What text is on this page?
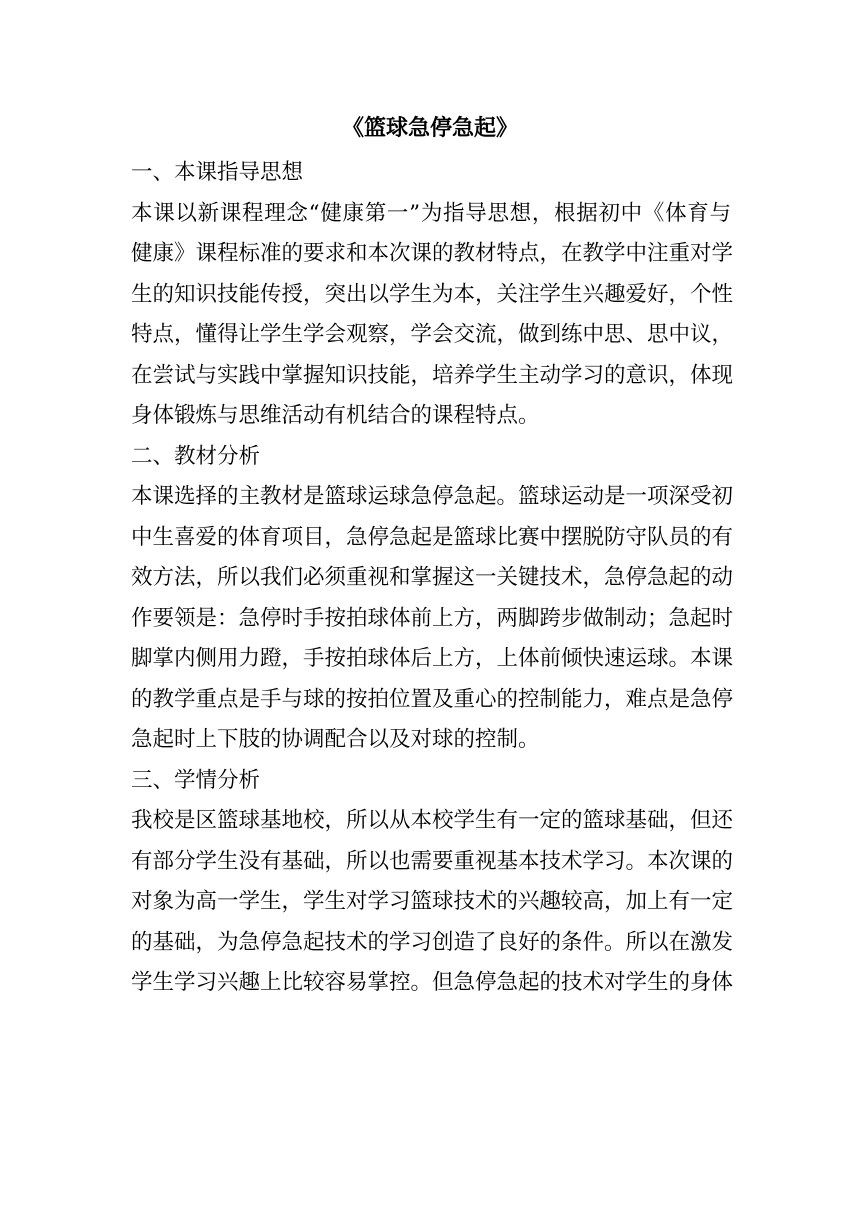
《篮球急停急起》
一、本课指导思想
本课以新课程理念“健康第一”为指导思想，根据初中《体育与
健康》课程标准的要求和本次课的教材特点，在教学中注重对学
生的知识技能传授，突出以学生为本，关注学生兴趣爱好，个性
特点，懂得让学生学会观察，学会交流，做到练中思、思中议，
在尝试与实践中掌握知识技能，培养学生主动学习的意识，体现
身体锻炼与思维活动有机结合的课程特点。
二、教材分析
本课选择的主教材是篮球运球急停急起。篮球运动是一项深受初
中生喜爱的体育项目，急停急起是篮球比赛中摆脱防守队员的有
效方法，所以我们必须重视和掌握这一关键技术，急停急起的动
作要领是：急停时手按拍球体前上方，两脚跨步做制动；急起时
脚掌内侧用力蹬，手按拍球体后上方，上体前倾快速运球。本课
的教学重点是手与球的按拍位置及重心的控制能力，难点是急停
急起时上下肢的协调配合以及对球的控制。
三、学情分析
我校是区篮球基地校，所以从本校学生有一定的篮球基础，但还
有部分学生没有基础，所以也需要重视基本技术学习。本次课的
对象为高一学生，学生对学习篮球技术的兴趣较高，加上有一定
的基础，为急停急起技术的学习创造了良好的条件。所以在激发
学生学习兴趣上比较容易掌控。但急停急起的技术对学生的身体
